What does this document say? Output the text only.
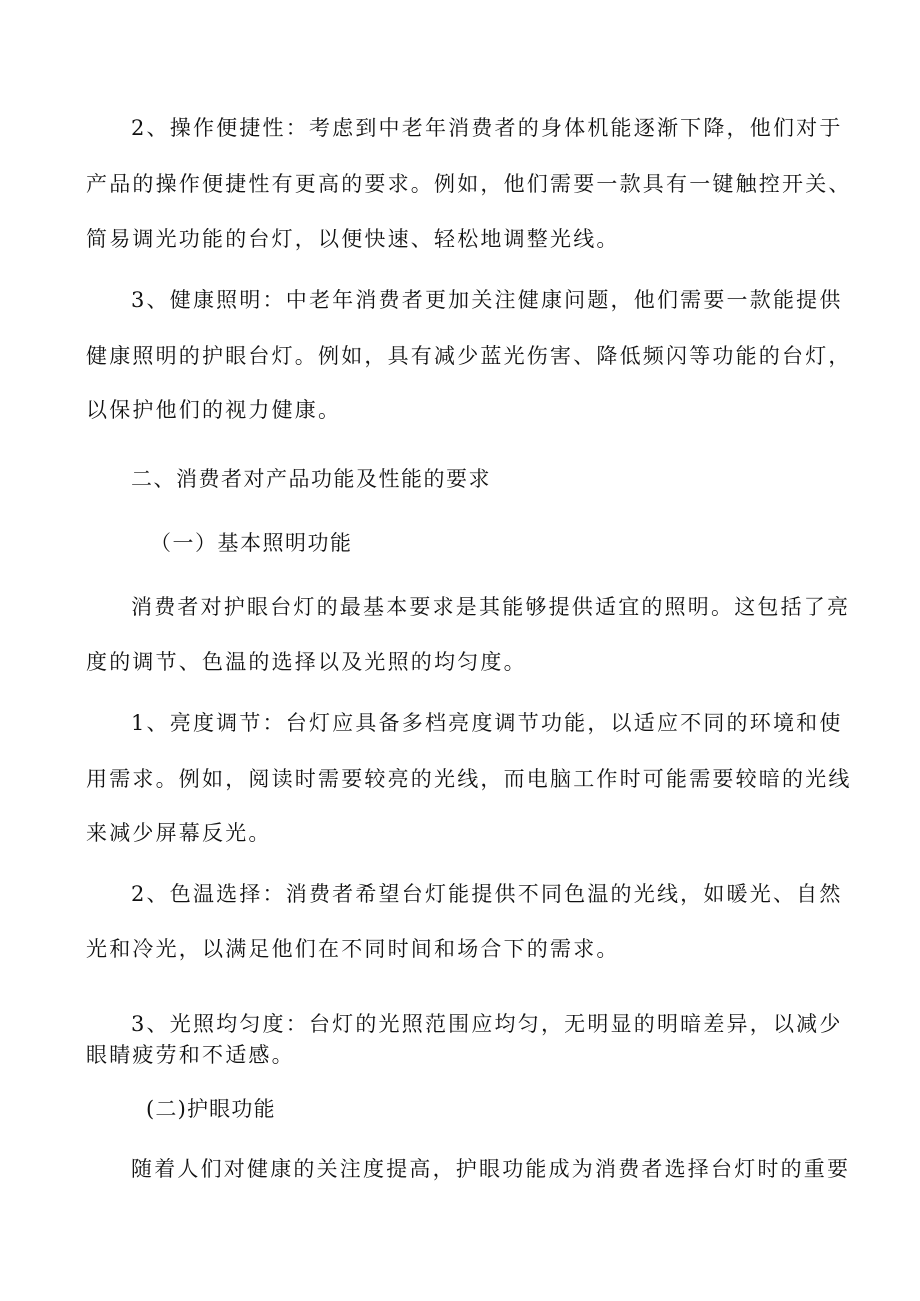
2、操作便捷性：考虑到中老年消费者的身体机能逐渐下降，他们对于
产品的操作便捷性有更高的要求。例如，他们需要一款具有一键触控开关、
简易调光功能的台灯，以便快速、轻松地调整光线。
3、健康照明：中老年消费者更加关注健康问题，他们需要一款能提供
健康照明的护眼台灯。例如，具有减少蓝光伤害、降低频闪等功能的台灯，
以保护他们的视力健康。
二、消费者对产品功能及性能的要求
（一）基本照明功能
消费者对护眼台灯的最基本要求是其能够提供适宜的照明。这包括了亮
度的调节、色温的选择以及光照的均匀度。
1、亮度调节：台灯应具备多档亮度调节功能，以适应不同的环境和使
用需求。例如，阅读时需要较亮的光线，而电脑工作时可能需要较暗的光线
来减少屏幕反光。
2、色温选择：消费者希望台灯能提供不同色温的光线，如暖光、自然
光和冷光，以满足他们在不同时间和场合下的需求。
3、光照均匀度：台灯的光照范围应均匀，无明显的明暗差异，以减少
眼睛疲劳和不适感。
(二)护眼功能
随着人们对健康的关注度提高，护眼功能成为消费者选择台灯时的重要
